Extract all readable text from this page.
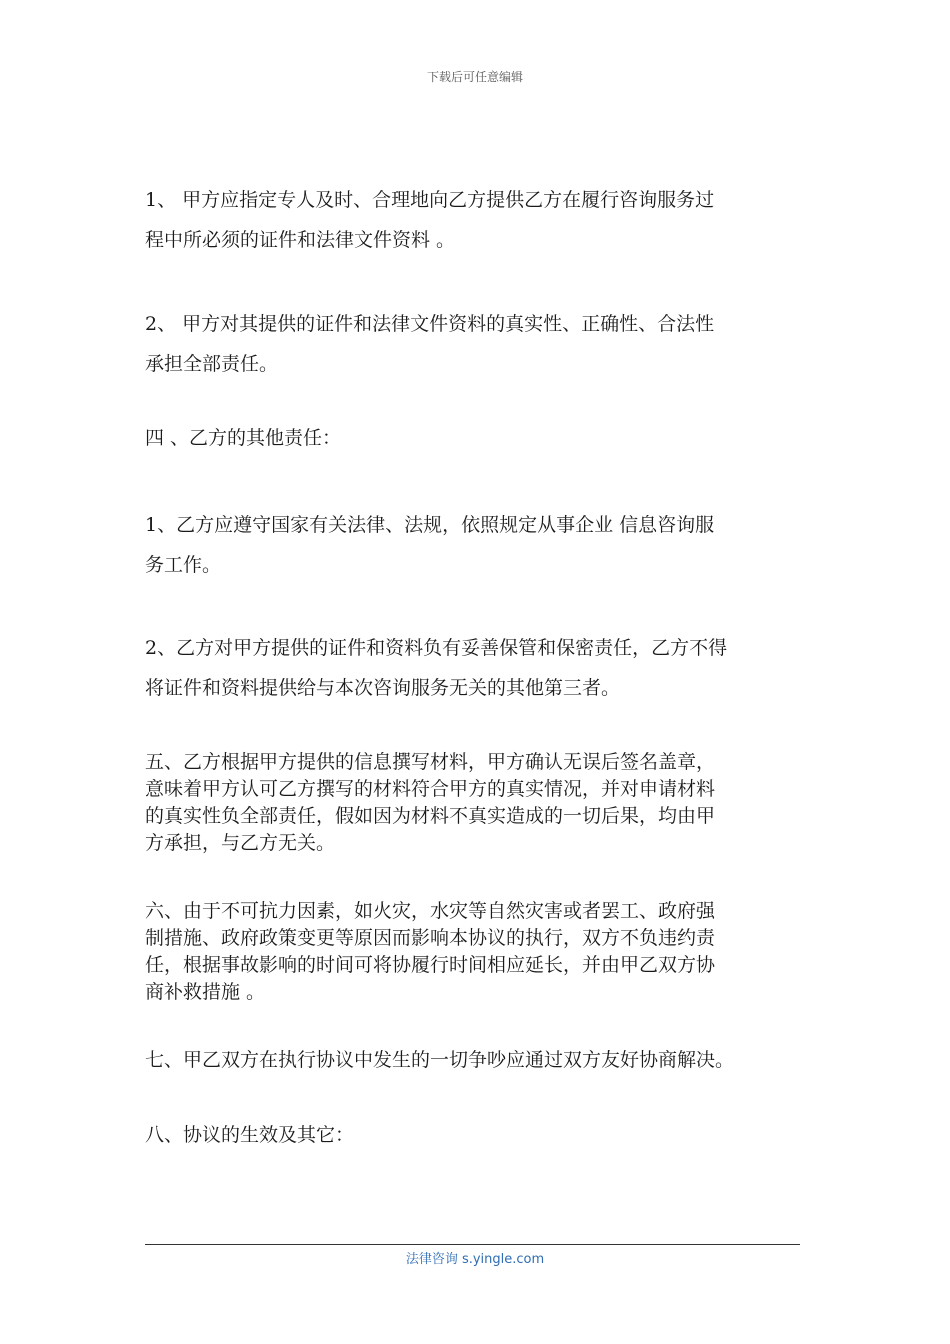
下载后可任意编辑

1、 甲方应指定专人及时、合理地向乙方提供乙方在履行咨询服务过
程中所必须的证件和法律文件资料 。

2、 甲方对其提供的证件和法律文件资料的真实性、正确性、合法性
承担全部责任。

四 、乙方的其他责任：

1、乙方应遵守国家有关法律、法规，依照规定从事企业 信息咨询服
务工作。

2、乙方对甲方提供的证件和资料负有妥善保管和保密责任，乙方不得
将证件和资料提供给与本次咨询服务无关的其他第三者。

五、乙方根据甲方提供的信息撰写材料，甲方确认无误后签名盖章，
意味着甲方认可乙方撰写的材料符合甲方的真实情况，并对申请材料
的真实性负全部责任，假如因为材料不真实造成的一切后果，均由甲
方承担，与乙方无关。

六、由于不可抗力因素，如火灾，水灾等自然灾害或者罢工、政府强
制措施、政府政策变更等原因而影响本协议的执行，双方不负违约责
任，根据事故影响的时间可将协履行时间相应延长，并由甲乙双方协
商补救措施 。

七、甲乙双方在执行协议中发生的一切争吵应通过双方友好协商解决。

八、协议的生效及其它：

法律咨询 s.yingle.com
